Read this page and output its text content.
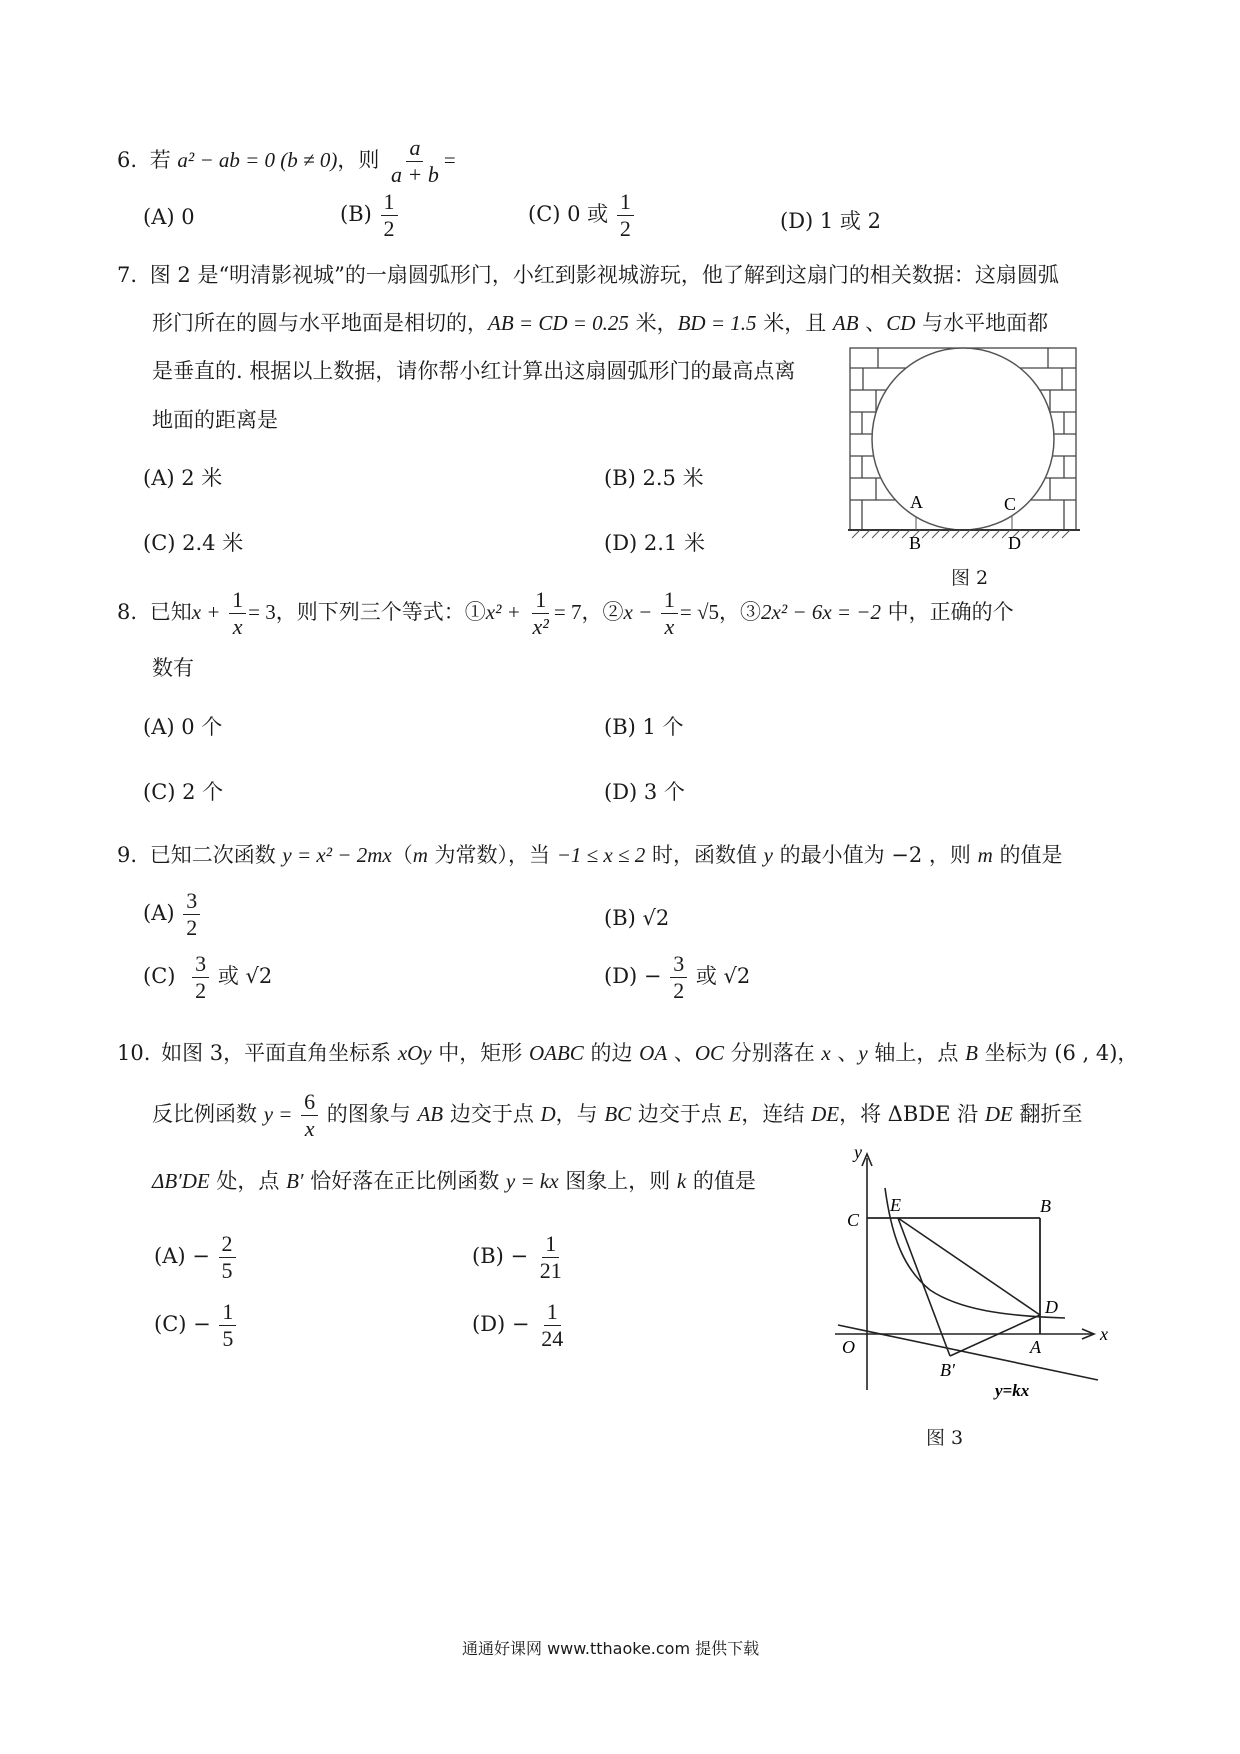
6. 若 a² − ab = 0 (b ≠ 0)，则 $\frac{a}{a + b}$ =
(A) 0	$(B) \frac{1}{2}$	(C) 0 或 $\frac{1}{2}$	(D) 1 或 2
7. 图 2 是“明清影视城”的一扇圆弧形门，小红到影视城游玩，他了解到这扇门的相关数据：这扇圆弧
形门所在的圆与水平地面是相切的，AB = CD = 0.25 米，BD = 1.5 米，且 AB 、CD 与水平地面都
是垂直的. 根据以上数据，请你帮小红计算出这扇圆弧形门的最高点离
地面的距离是
(A) 2 米	(B) 2.5 米
(C) 2.4 米	(D) 2.1 米
A	C
B	D
图 2
8. 已知$x + \frac{1}{x} = 3$，则下列三个等式：①x² + $\frac{1}{\text{x²}} = 7$，②x − $\frac{1}{x} = √5$，③2x² − 6x = −2 中，正确的个
数有
(A) 0 个	(B) 1 个
(C) 2 个	(D) 3 个
9. 已知二次函数 y = x² − 2mx（m 为常数），当 −1 ≤ x ≤ 2 时，函数值 y 的最小值为 −2 ，则 m 的值是
$(A) \frac{3}{2}$	(B) √2
$(C) \frac{3}{2}$ 或 √2	$(D) - \frac{3}{2}$ 或 √2
10. 如图 3，平面直角坐标系 xOy 中，矩形 OABC 的边 OA 、OC 分别落在 x 、y 轴上，点 B 坐标为 (6 , 4)，
反比例函数 $y = \frac{6}{x}$ 的图象与 AB 边交于点 D，与 BC 边交于点 E，连结 DE，将 ΔBDE 沿 DE 翻折至
ΔB′DE 处，点 B′ 恰好落在正比例函数 y = kx 图象上，则 k 的值是
$(A) - \frac{2}{5}$	$(B) - \frac{1}{21}$
$(C) - \frac{1}{5}$	$(D) - \frac{1}{24}$
y
x
C
E	B
D
O	A
B′
y=kx
图 3
通通好课网 www.tthaoke.com 提供下载
